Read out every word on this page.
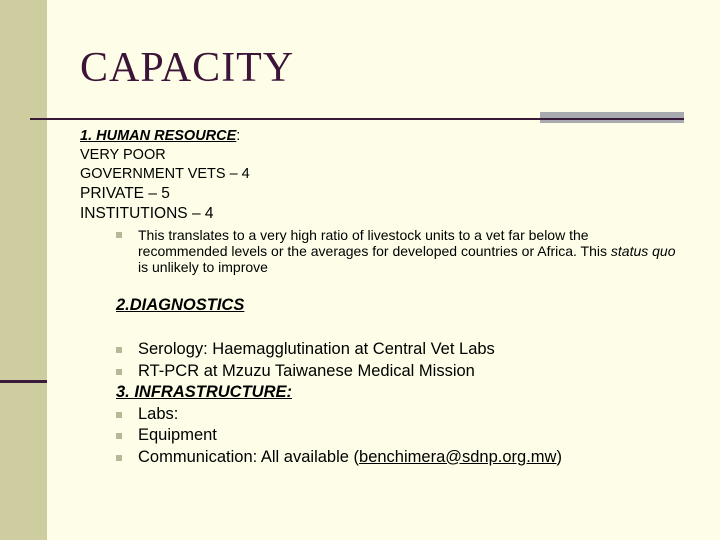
CAPACITY
1. HUMAN RESOURCE:
VERY POOR
GOVERNMENT VETS – 4
PRIVATE – 5
INSTITUTIONS – 4
This translates to a very high ratio of livestock units to a vet far below the recommended levels or the averages for developed countries or Africa. This status quo is unlikely to improve
2.DIAGNOSTICS
Serology: Haemagglutination at Central Vet Labs
RT-PCR at Mzuzu Taiwanese Medical Mission
3. INFRASTRUCTURE:
Labs:
Equipment
Communication: All available (benchimera@sdnp.org.mw)
